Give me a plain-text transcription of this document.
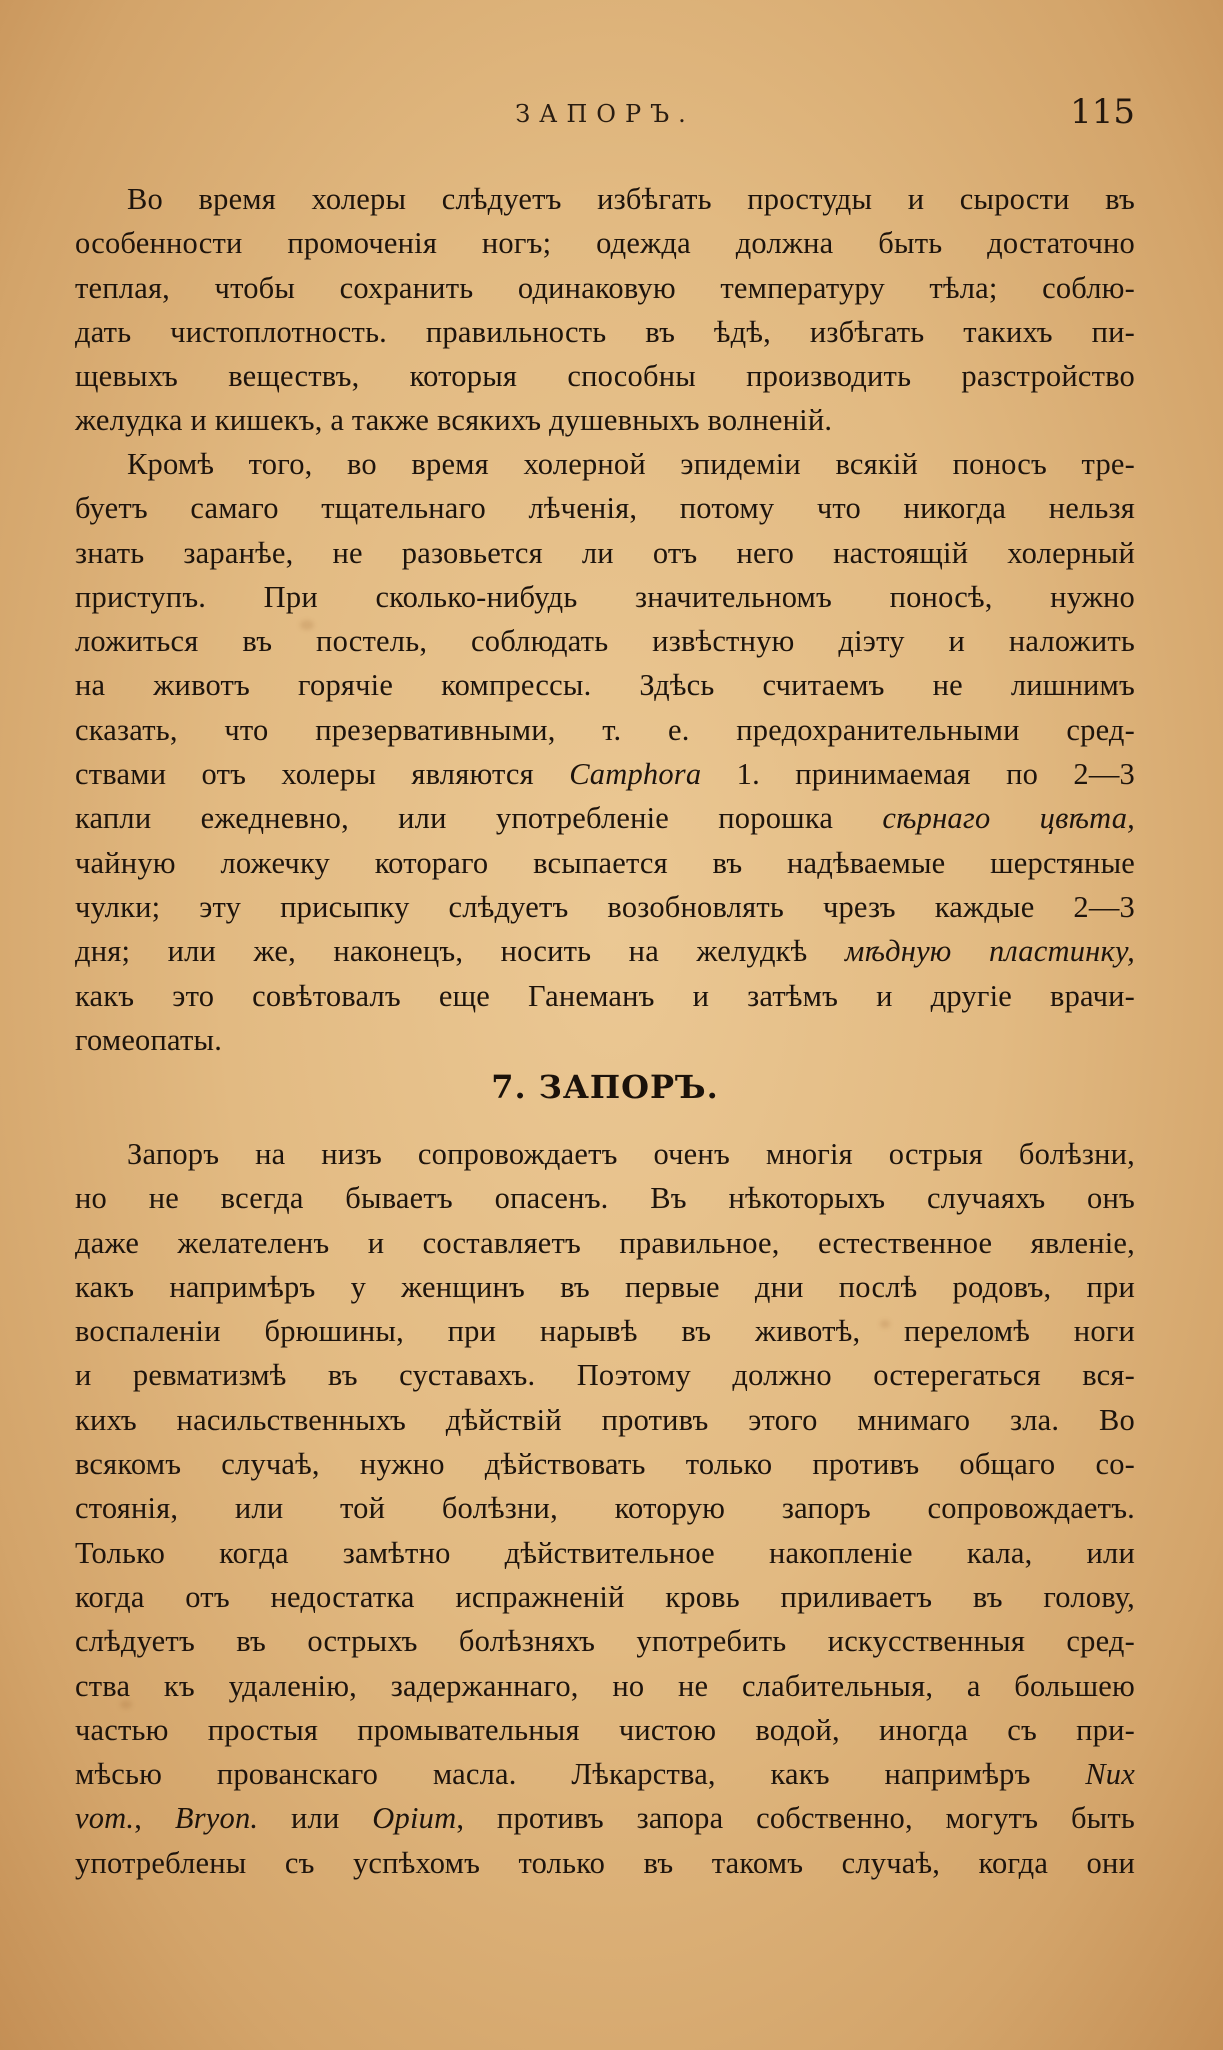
ЗАПОРЪ.	115
Во время холеры слѣдуетъ избѣгать простуды и сырости въ
особенности промоченія ногъ; одежда должна быть достаточно
теплая, чтобы сохранить одинаковую температуру тѣла; соблю-
дать чистоплотность. правильность въ ѣдѣ, избѣгать такихъ пи-
щевыхъ веществъ, которыя способны производить разстройство
желудка и кишекъ, а также всякихъ душевныхъ волненій.
Кромѣ того, во время холерной эпидеміи всякій поносъ тре-
буетъ самаго тщательнаго лѣченія, потому что никогда нельзя
знать заранѣе, не разовьется ли отъ него настоящій холерный
приступъ. При сколько-нибудь значительномъ поносѣ, нужно
ложиться въ постель, соблюдать извѣстную діэту и наложить
на животъ горячіе компрессы. Здѣсь считаемъ не лишнимъ
сказать, что презервативными, т. е. предохранительными сред-
ствами отъ холеры являются Camphora 1. принимаемая по 2—3
капли ежедневно, или употребленіе порошка сѣрнаго цвѣта,
чайную ложечку котораго всыпается въ надѣваемые шерстяные
чулки; эту присыпку слѣдуетъ возобновлять чрезъ каждые 2—3
дня; или же, наконецъ, носить на желудкѣ мѣдную пластинку,
какъ это совѣтовалъ еще Ганеманъ и затѣмъ и другіе врачи-
гомеопаты.
7. ЗАПОРЪ.
Запоръ на низъ сопровождаетъ оченъ многія острыя болѣзни,
но не всегда бываетъ опасенъ. Въ нѣкоторыхъ случаяхъ онъ
даже желателенъ и составляетъ правильное, естественное явленіе,
какъ напримѣръ у женщинъ въ первые дни послѣ родовъ, при
воспаленіи брюшины, при нарывѣ въ животѣ, переломѣ ноги
и ревматизмѣ въ суставахъ. Поэтому должно остерегаться вся-
кихъ насильственныхъ дѣйствій противъ этого мнимаго зла. Во
всякомъ случаѣ, нужно дѣйствовать только противъ общаго со-
стоянія, или той болѣзни, которую запоръ сопровождаетъ.
Только когда замѣтно дѣйствительное накопленіе кала, или
когда отъ недостатка испражненій кровь приливаетъ въ голову,
слѣдуетъ въ острыхъ болѣзняхъ употребить искусственныя сред-
ства къ удаленію, задержаннаго, но не слабительныя, а большею
частью простыя промывательныя чистою водой, иногда съ при-
мѣсью прованскаго масла. Лѣкарства, какъ напримѣръ Nux
vom., Bryon. или Opium, противъ запора собственно, могутъ быть
употреблены съ успѣхомъ только въ такомъ случаѣ, когда они
